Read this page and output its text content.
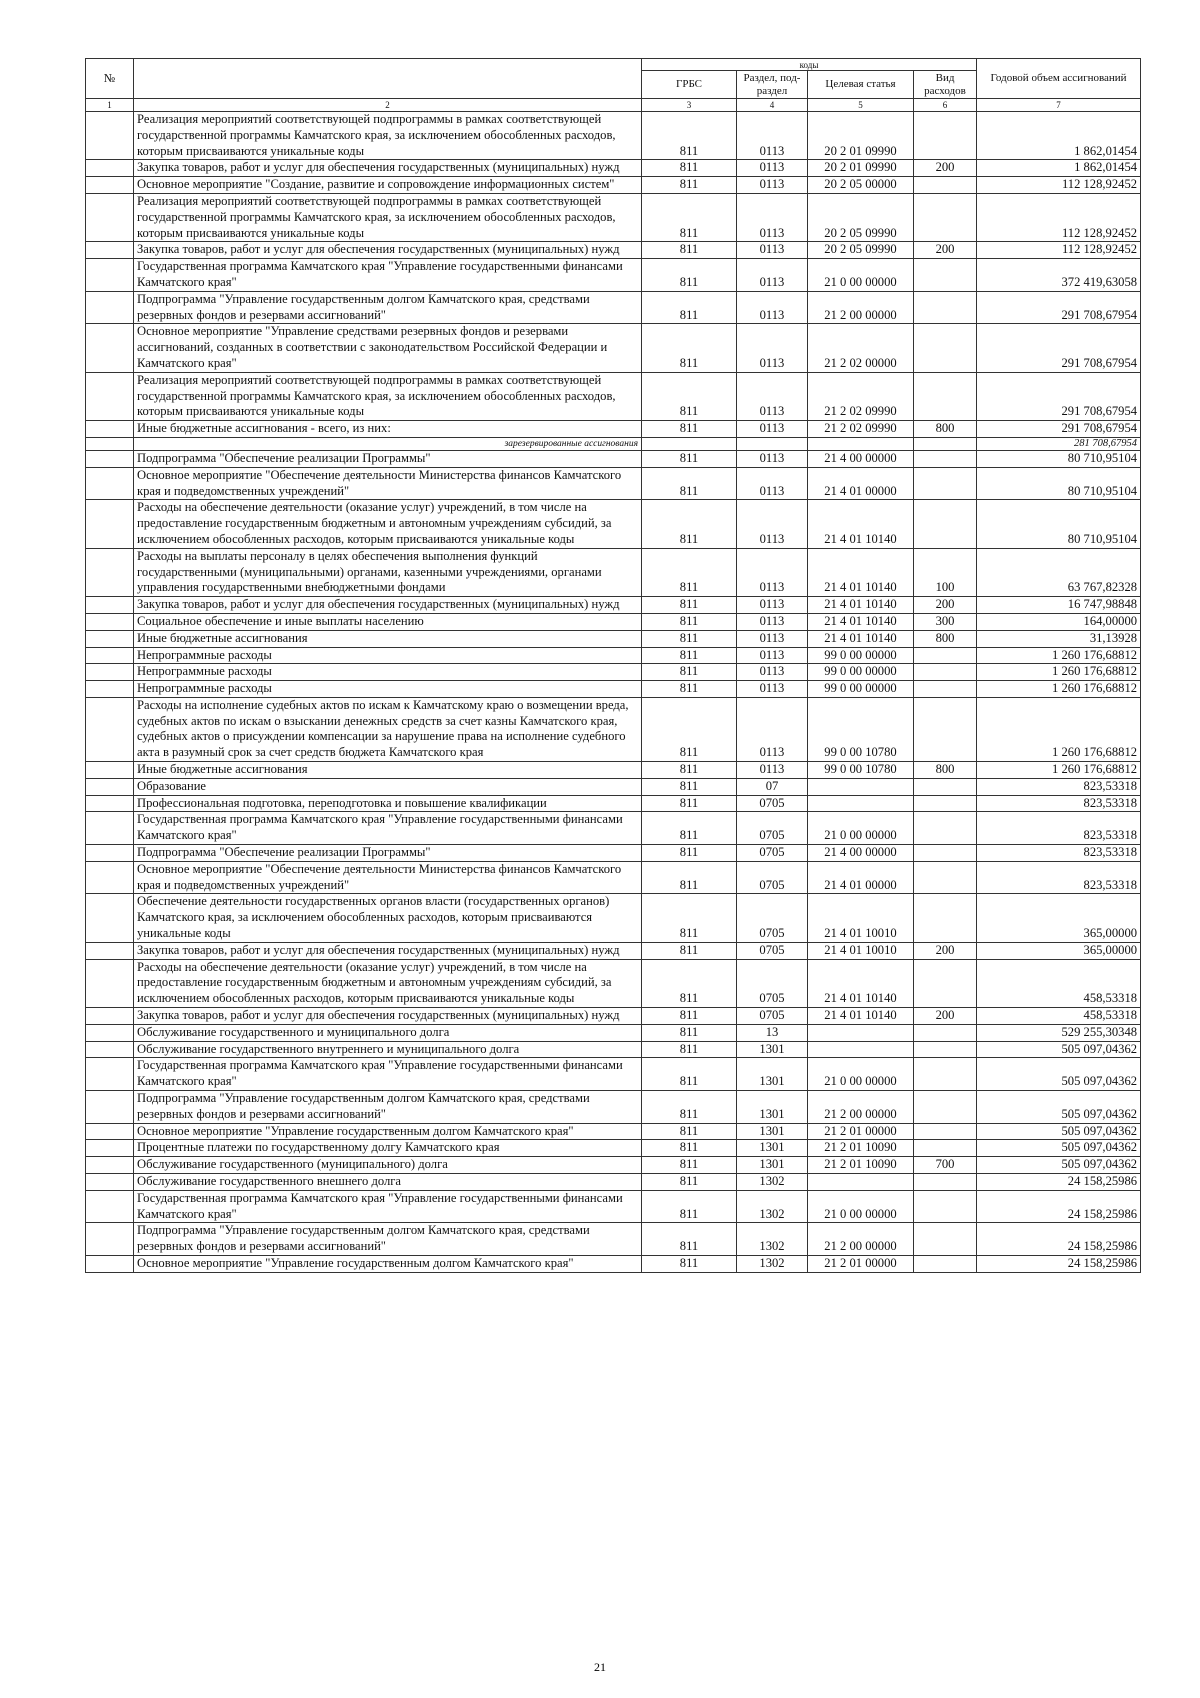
№		коды				Годовой объем ассигнований
		ГРБС	Раздел, под-раздел	Целевая статья	Вид расходов	
1	2	3	4	5	6	7
	Реализация мероприятий соответствующей подпрограммы в рамках соответствующей государственной программы Камчатского края, за исключением обособленных расходов, которым присваиваются уникальные коды	811	0113	20 2 01 09990		1 862,01454
	Закупка товаров, работ и услуг для обеспечения государственных (муниципальных) нужд	811	0113	20 2 01 09990	200	1 862,01454
	Основное мероприятие "Создание, развитие и сопровождение информационных систем"	811	0113	20 2 05 00000		112 128,92452
	Реализация мероприятий соответствующей подпрограммы в рамках соответствующей государственной программы Камчатского края, за исключением обособленных расходов, которым присваиваются уникальные коды	811	0113	20 2 05 09990		112 128,92452
	Закупка товаров, работ и услуг для обеспечения государственных (муниципальных) нужд	811	0113	20 2 05 09990	200	112 128,92452
	Государственная программа Камчатского края "Управление государственными финансами Камчатского края"	811	0113	21 0 00 00000		372 419,63058
	Подпрограмма "Управление государственным долгом Камчатского края, средствами резервных фондов и резервами ассигнований"	811	0113	21 2 00 00000		291 708,67954
	Основное мероприятие "Управление средствами резервных фондов и резервами ассигнований, созданных в соответствии с законодательством Российской Федерации и Камчатского края"	811	0113	21 2 02 00000		291 708,67954
	Реализация мероприятий соответствующей подпрограммы в рамках соответствующей государственной программы Камчатского края, за исключением обособленных расходов, которым присваиваются уникальные коды	811	0113	21 2 02 09990		291 708,67954
	Иные бюджетные ассигнования - всего, из них:	811	0113	21 2 02 09990	800	291 708,67954
	зарезервированные ассигнования					281 708,67954
	Подпрограмма "Обеспечение реализации Программы"	811	0113	21 4 00 00000		80 710,95104
	Основное мероприятие "Обеспечение деятельности Министерства финансов Камчатского края и подведомственных учреждений"	811	0113	21 4 01 00000		80 710,95104
	Расходы на обеспечение деятельности (оказание услуг) учреждений, в том числе на предоставление государственным бюджетным и автономным учреждениям субсидий, за исключением обособленных расходов, которым присваиваются уникальные коды	811	0113	21 4 01 10140		80 710,95104
	Расходы на выплаты персоналу в целях обеспечения выполнения функций государственными (муниципальными) органами, казенными учреждениями, органами управления государственными внебюджетными фондами	811	0113	21 4 01 10140	100	63 767,82328
	Закупка товаров, работ и услуг для обеспечения государственных (муниципальных) нужд	811	0113	21 4 01 10140	200	16 747,98848
	Социальное обеспечение и иные выплаты населению	811	0113	21 4 01 10140	300	164,00000
	Иные бюджетные ассигнования	811	0113	21 4 01 10140	800	31,13928
	Непрограммные расходы	811	0113	99 0 00 00000		1 260 176,68812
	Непрограммные расходы	811	0113	99 0 00 00000		1 260 176,68812
	Непрограммные расходы	811	0113	99 0 00 00000		1 260 176,68812
	Расходы на исполнение судебных актов по искам к Камчатскому краю о возмещении вреда, судебных актов по искам о взыскании денежных средств за счет казны Камчатского края, судебных актов о присуждении компенсации за нарушение права на исполнение судебного акта в разумный срок за счет средств бюджета Камчатского края	811	0113	99 0 00 10780		1 260 176,68812
	Иные бюджетные ассигнования	811	0113	99 0 00 10780	800	1 260 176,68812
	Образование	811	07			823,53318
	Профессиональная подготовка, переподготовка и повышение квалификации	811	0705			823,53318
	Государственная программа Камчатского края "Управление государственными финансами Камчатского края"	811	0705	21 0 00 00000		823,53318
	Подпрограмма "Обеспечение реализации Программы"	811	0705	21 4 00 00000		823,53318
	Основное мероприятие "Обеспечение деятельности Министерства финансов Камчатского края и подведомственных учреждений"	811	0705	21 4 01 00000		823,53318
	Обеспечение деятельности государственных органов власти (государственных органов) Камчатского края, за исключением обособленных расходов, которым присваиваются уникальные коды	811	0705	21 4 01 10010		365,00000
	Закупка товаров, работ и услуг для обеспечения государственных (муниципальных) нужд	811	0705	21 4 01 10010	200	365,00000
	Расходы на обеспечение деятельности (оказание услуг) учреждений, в том числе на предоставление государственным бюджетным и автономным учреждениям субсидий, за исключением обособленных расходов, которым присваиваются уникальные коды	811	0705	21 4 01 10140		458,53318
	Закупка товаров, работ и услуг для обеспечения государственных (муниципальных) нужд	811	0705	21 4 01 10140	200	458,53318
	Обслуживание государственного и муниципального долга	811	13			529 255,30348
	Обслуживание государственного внутреннего и муниципального долга	811	1301			505 097,04362
	Государственная программа Камчатского края "Управление государственными финансами Камчатского края"	811	1301	21 0 00 00000		505 097,04362
	Подпрограмма "Управление государственным долгом Камчатского края, средствами резервных фондов и резервами ассигнований"	811	1301	21 2 00 00000		505 097,04362
	Основное мероприятие "Управление государственным долгом Камчатского края"	811	1301	21 2 01 00000		505 097,04362
	Процентные платежи по государственному долгу Камчатского края	811	1301	21 2 01 10090		505 097,04362
	Обслуживание государственного (муниципального) долга	811	1301	21 2 01 10090	700	505 097,04362
	Обслуживание государственного внешнего долга	811	1302			24 158,25986
	Государственная программа Камчатского края "Управление государственными финансами Камчатского края"	811	1302	21 0 00 00000		24 158,25986
	Подпрограмма "Управление государственным долгом Камчатского края, средствами резервных фондов и резервами ассигнований"	811	1302	21 2 00 00000		24 158,25986
	Основное мероприятие "Управление государственным долгом Камчатского края"	811	1302	21 2 01 00000		24 158,25986
21
